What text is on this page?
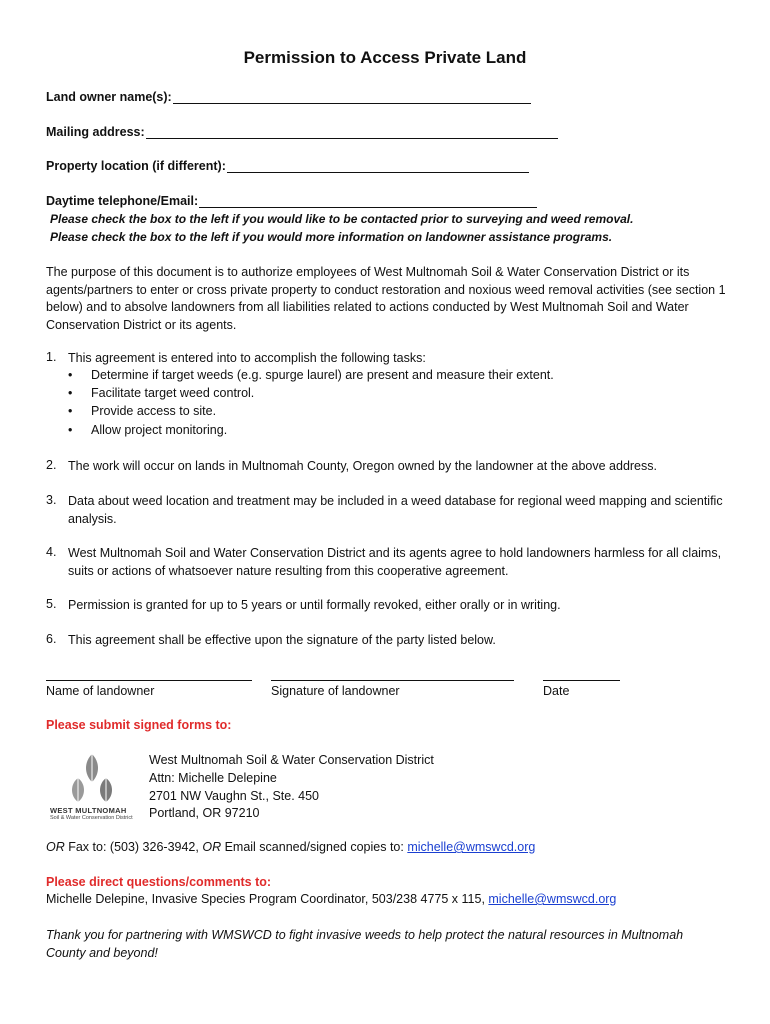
Permission to Access Private Land
Land owner name(s):
Mailing address:
Property location (if different):
Daytime telephone/Email:
Please check the box to the left if you would like to be contacted prior to surveying and weed removal.
Please check the box to the left if you would more information on landowner assistance programs.
The purpose of this document is to authorize employees of West Multnomah Soil & Water Conservation District or its agents/partners to enter or cross private property to conduct restoration and noxious weed removal activities (see section 1 below) and to absolve landowners from all liabilities related to actions conducted by West Multnomah Soil and Water Conservation District or its agents.
1. This agreement is entered into to accomplish the following tasks:
• Determine if target weeds (e.g. spurge laurel) are present and measure their extent.
• Facilitate target weed control.
• Provide access to site.
• Allow project monitoring.
2. The work will occur on lands in Multnomah County, Oregon owned by the landowner at the above address.
3. Data about weed location and treatment may be included in a weed database for regional weed mapping and scientific analysis.
4. West Multnomah Soil and Water Conservation District and its agents agree to hold landowners harmless for all claims, suits or actions of whatsoever nature resulting from this cooperative agreement.
5. Permission is granted for up to 5 years or until formally revoked, either orally or in writing.
6. This agreement shall be effective upon the signature of the party listed below.
Name of landowner	Signature of landowner	Date
Please submit signed forms to:
WEST MULTNOMAH
Soil & Water Conservation District
West Multnomah Soil & Water Conservation District
Attn: Michelle Delepine
2701 NW Vaughn St., Ste. 450
Portland, OR 97210
OR Fax to: (503) 326-3942, OR Email scanned/signed copies to: michelle@wmswcd.org
Please direct questions/comments to:
Michelle Delepine, Invasive Species Program Coordinator, 503/238 4775 x 115, michelle@wmswcd.org
Thank you for partnering with WMSWCD to fight invasive weeds to help protect the natural resources in Multnomah County and beyond!
